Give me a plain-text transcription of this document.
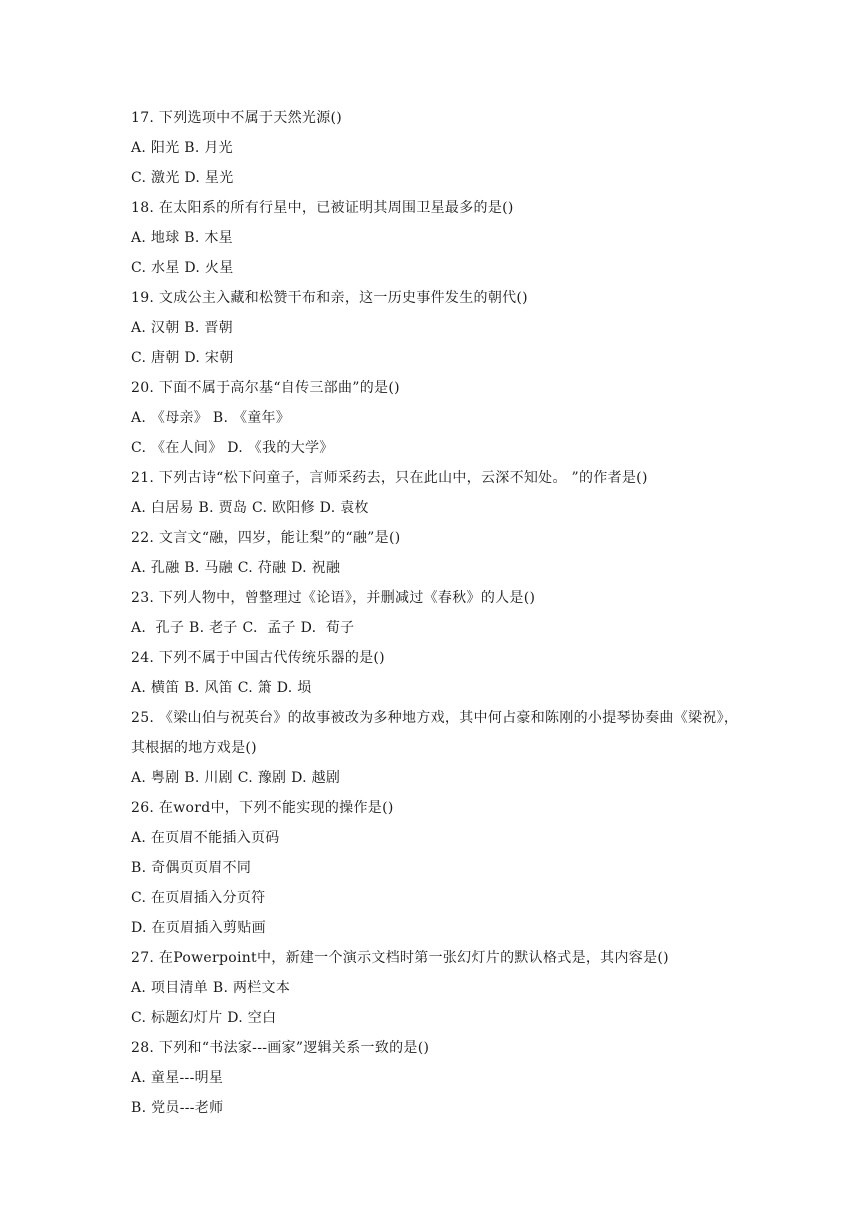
17. 下列选项中不属于天然光源()
A. 阳光 B. 月光
C. 激光 D. 星光
18. 在太阳系的所有行星中，已被证明其周围卫星最多的是()
A. 地球 B. 木星
C. 水星 D. 火星
19. 文成公主入藏和松赞干布和亲，这一历史事件发生的朝代()
A. 汉朝 B. 晋朝
C. 唐朝 D. 宋朝
20. 下面不属于高尔基“自传三部曲”的是()
A. 《母亲》 B. 《童年》
C. 《在人间》 D. 《我的大学》
21. 下列古诗“松下问童子，言师采药去，只在此山中，云深不知处。 ”的作者是()
A. 白居易 B. 贾岛 C. 欧阳修 D. 袁枚
22. 文言文“融，四岁，能让梨”的“融”是()
A. 孔融 B. 马融 C. 苻融 D. 祝融
23. 下列人物中，曾整理过《论语》，并删减过《春秋》的人是()
A.  孔子 B. 老子 C.  孟子 D.  荀子
24. 下列不属于中国古代传统乐器的是()
A. 横笛 B. 风笛 C. 箫 D. 埙
25. 《梁山伯与祝英台》的故事被改为多种地方戏，其中何占豪和陈刚的小提琴协奏曲《梁祝》，其根据的地方戏是()
A. 粤剧 B. 川剧 C. 豫剧 D. 越剧
26. 在word中，下列不能实现的操作是()
A. 在页眉不能插入页码
B. 奇偶页页眉不同
C. 在页眉插入分页符
D. 在页眉插入剪贴画
27. 在Powerpoint中，新建一个演示文档时第一张幻灯片的默认格式是，其内容是()
A. 项目清单 B. 两栏文本
C. 标题幻灯片 D. 空白
28. 下列和“书法家---画家”逻辑关系一致的是()
A. 童星---明星
B. 党员---老师
